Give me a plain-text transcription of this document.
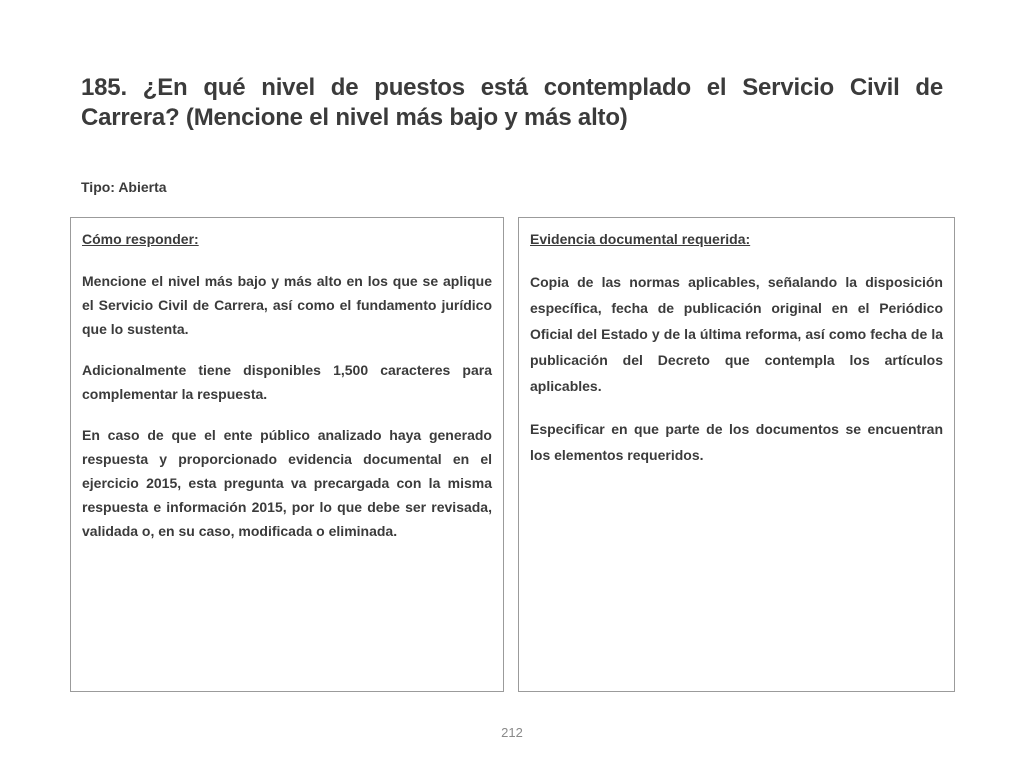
185. ¿En qué nivel de puestos está contemplado el Servicio Civil de Carrera? (Mencione el nivel más bajo y más alto)

Tipo: Abierta

Cómo responder:

Mencione el nivel más bajo y más alto en los que se aplique el Servicio Civil de Carrera, así como el fundamento jurídico que lo sustenta.

Adicionalmente tiene disponibles 1,500 caracteres para complementar la respuesta.

En caso de que el ente público analizado haya generado respuesta y proporcionado evidencia documental en el ejercicio 2015, esta pregunta va precargada con la misma respuesta e información 2015, por lo que debe ser revisada, validada o, en su caso, modificada o eliminada.

Evidencia documental requerida:

Copia de las normas aplicables, señalando la disposición específica, fecha de publicación original en el Periódico Oficial del Estado y de la última reforma, así como fecha de la publicación del Decreto que contempla los artículos aplicables.

Especificar en que parte de los documentos se encuentran los elementos requeridos.

212
